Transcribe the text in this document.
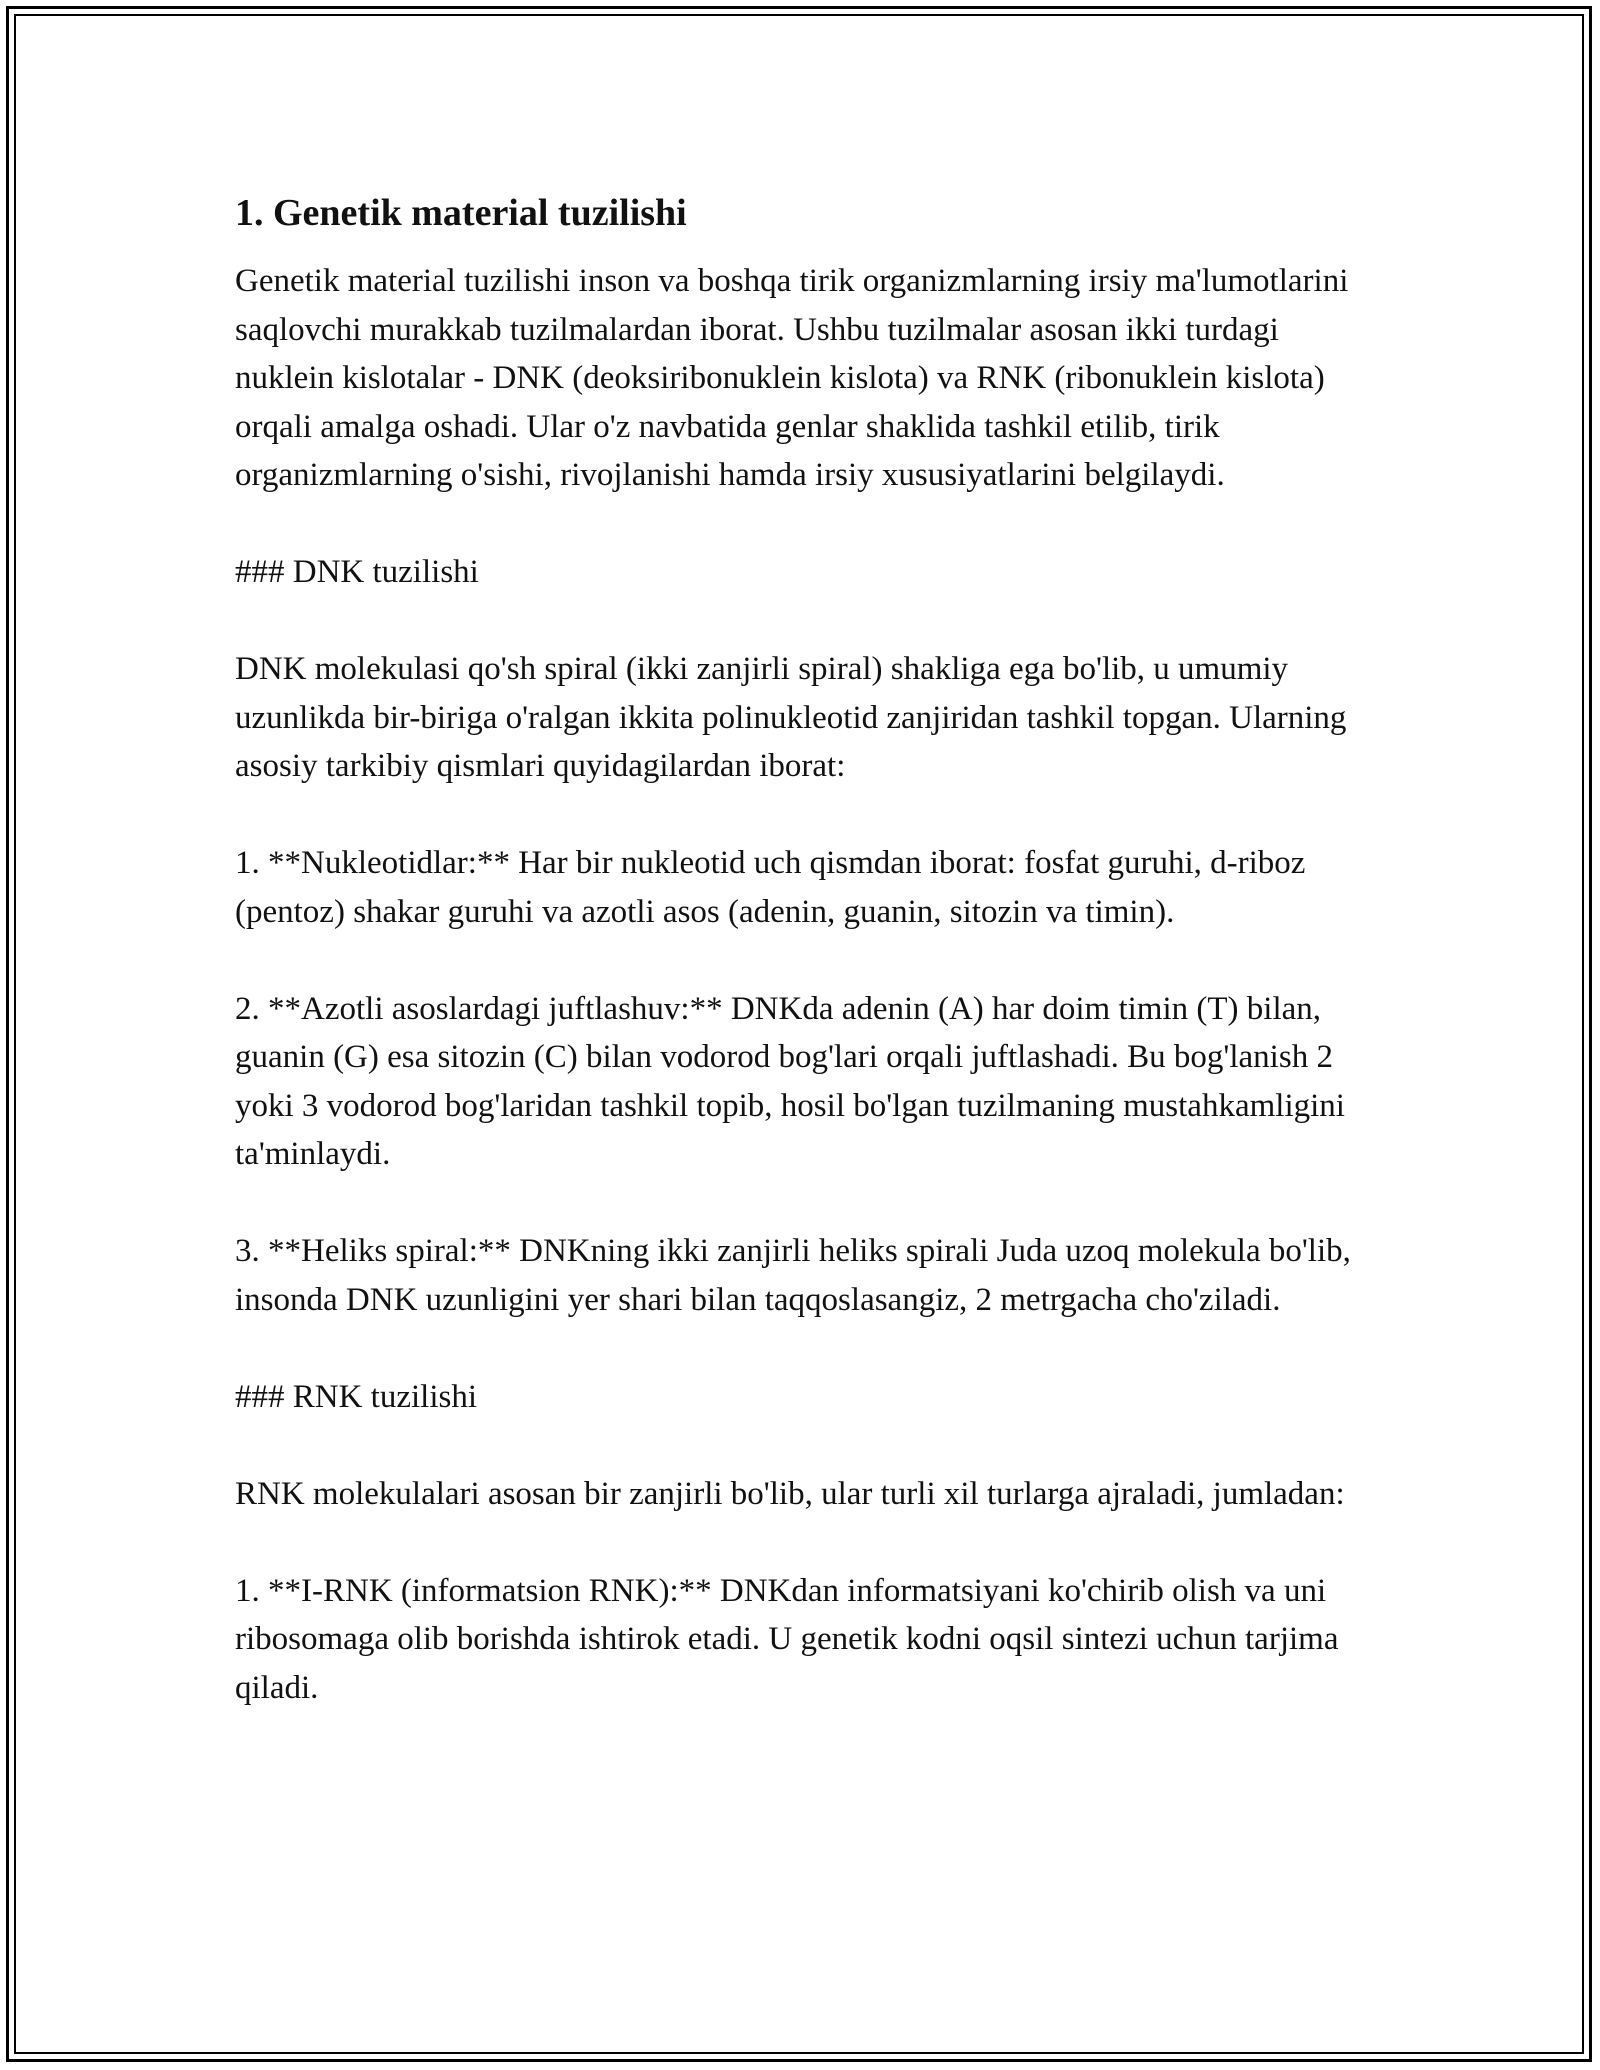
1. Genetik material tuzilishi

Genetik material tuzilishi inson va boshqa tirik organizmlarning irsiy ma'lumotlarini saqlovchi murakkab tuzilmalardan iborat. Ushbu tuzilmalar asosan ikki turdagi nuklein kislotalar - DNK (deoksiribonuklein kislota) va RNK (ribonuklein kislota) orqali amalga oshadi. Ular o'z navbatida genlar shaklida tashkil etilib, tirik organizmlarning o'sishi, rivojlanishi hamda irsiy xususiyatlarini belgilaydi.

### DNK tuzilishi

DNK molekulasi qo'sh spiral (ikki zanjirli spiral) shakliga ega bo'lib, u umumiy uzunlikda bir-biriga o'ralgan ikkita polinukleotid zanjiridan tashkil topgan. Ularning asosiy tarkibiy qismlari quyidagilardan iborat:

1. **Nukleotidlar:** Har bir nukleotid uch qismdan iborat: fosfat guruhi, d-riboz (pentoz) shakar guruhi va azotli asos (adenin, guanin, sitozin va timin).

2. **Azotli asoslardagi juftlashuv:** DNKda adenin (A) har doim timin (T) bilan, guanin (G) esa sitozin (C) bilan vodorod bog'lari orqali juftlashadi. Bu bog'lanish 2 yoki 3 vodorod bog'laridan tashkil topib, hosil bo'lgan tuzilmaning mustahkamligini ta'minlaydi.

3. **Heliks spiral:** DNKning ikki zanjirli heliks spirali Juda uzoq molekula bo'lib, insonda DNK uzunligini yer shari bilan taqqoslasangiz, 2 metrgacha cho'ziladi.

### RNK tuzilishi

RNK molekulalari asosan bir zanjirli bo'lib, ular turli xil turlarga ajraladi, jumladan:

1. **I-RNK (informatsion RNK):** DNKdan informatsiyani ko'chirib olish va uni ribosomaga olib borishda ishtirok etadi. U genetik kodni oqsil sintezi uchun tarjima qiladi.
